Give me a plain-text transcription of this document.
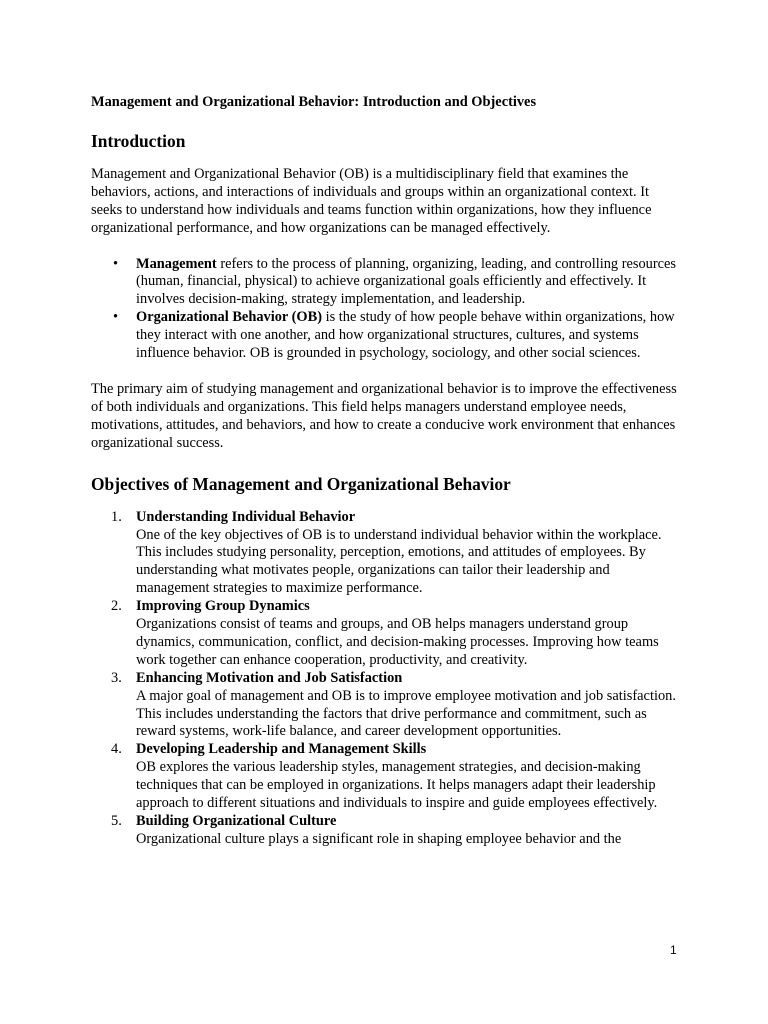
Management and Organizational Behavior: Introduction and Objectives
Introduction

Management and Organizational Behavior (OB) is a multidisciplinary field that examines the behaviors, actions, and interactions of individuals and groups within an organizational context. It seeks to understand how individuals and teams function within organizations, how they influence organizational performance, and how organizations can be managed effectively.

• Management refers to the process of planning, organizing, leading, and controlling resources (human, financial, physical) to achieve organizational goals efficiently and effectively. It involves decision-making, strategy implementation, and leadership.
• Organizational Behavior (OB) is the study of how people behave within organizations, how they interact with one another, and how organizational structures, cultures, and systems influence behavior. OB is grounded in psychology, sociology, and other social sciences.

The primary aim of studying management and organizational behavior is to improve the effectiveness of both individuals and organizations. This field helps managers understand employee needs, motivations, attitudes, and behaviors, and how to create a conducive work environment that enhances organizational success.

Objectives of Management and Organizational Behavior
1. Understanding Individual Behavior
One of the key objectives of OB is to understand individual behavior within the workplace. This includes studying personality, perception, emotions, and attitudes of employees. By understanding what motivates people, organizations can tailor their leadership and management strategies to maximize performance.
2. Improving Group Dynamics
Organizations consist of teams and groups, and OB helps managers understand group dynamics, communication, conflict, and decision-making processes. Improving how teams work together can enhance cooperation, productivity, and creativity.
3. Enhancing Motivation and Job Satisfaction
A major goal of management and OB is to improve employee motivation and job satisfaction. This includes understanding the factors that drive performance and commitment, such as reward systems, work-life balance, and career development opportunities.
4. Developing Leadership and Management Skills
OB explores the various leadership styles, management strategies, and decision-making techniques that can be employed in organizations. It helps managers adapt their leadership approach to different situations and individuals to inspire and guide employees effectively.
5. Building Organizational Culture
Organizational culture plays a significant role in shaping employee behavior and the
1
